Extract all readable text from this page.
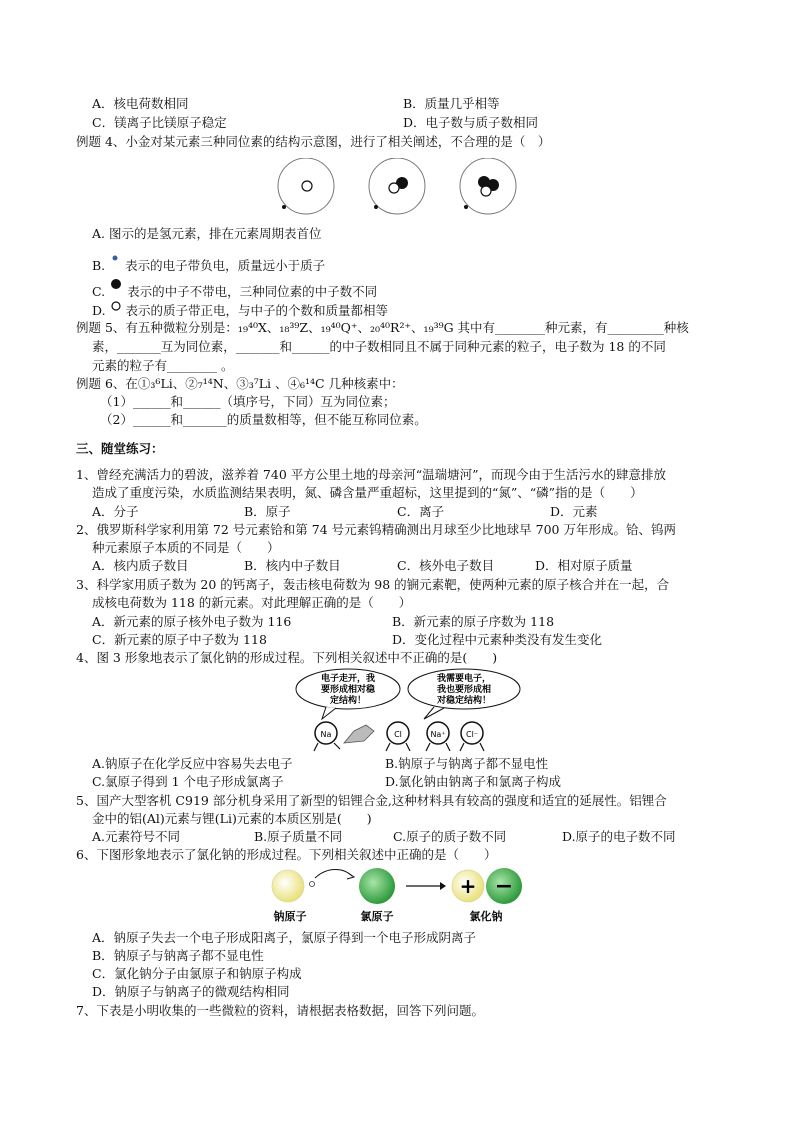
A．核电荷数相同	B．质量几乎相等
C．镁离子比镁原子稳定	D．电子数与质子数相同
例题 4、小金对某元素三种同位素的结构示意图，进行了相关阐述，不合理的是（　）
A. 图示的是氢元素，排在元素周期表首位
B. 表示的电子带负电，质量远小于质子
C. 表示的中子不带电，三种同位素的中子数不同
D. 表示的质子带正电，与中子的个数和质量都相等
例题 5、有五种微粒分别是：₁₉⁴⁰X、₁₈³⁹Z、₁₉⁴⁰Q⁺、₂₀⁴⁰R²⁺、₁₉³⁹G 其中有________种元素，有_________种核
素，_______互为同位素，_______和______的中子数相同且不属于同种元素的粒子，电子数为 18 的不同
元素的粒子有________ 。
例题 6、在①₃⁶Li、②₇¹⁴N、③₃⁷Li 、④₆¹⁴C 几种核素中：
（1）______和______（填序号，下同）互为同位素；
（2）______和_______的质量数相等，但不能互称同位素。
三、随堂练习：
1、曾经充满活力的碧波，滋养着 740 平方公里土地的母亲河“温瑞塘河”，而现今由于生活污水的肆意排放
造成了重度污染，水质监测结果表明，氮、磷含量严重超标，这里提到的“氮”、“磷”指的是（　　）
A．分子	B．原子	C．离子	D．元素
2、俄罗斯科学家利用第 72 号元素铪和第 74 号元素钨精确测出月球至少比地球早 700 万年形成。铪、钨两
种元素原子本质的不同是（　　）
A．核内质子数目	B．核内中子数目	C．核外电子数目	D．相对原子质量
3、科学家用质子数为 20 的钙离子，轰击核电荷数为 98 的锎元素靶，使两种元素的原子核合并在一起，合
成核电荷数为 118 的新元素。对此理解正确的是（　　）
A．新元素的原子核外电子数为 116	B．新元素的原子序数为 118
C．新元素的原子中子数为 118	D．变化过程中元素种类没有发生变化
4、图 3 形象地表示了氯化钠的形成过程。下列相关叙述中不正确的是(　　)
电子走开，我
要形成相对稳
定结构！
我需要电子，
我也要形成相
对稳定结构！
Na	Cl	Na⁺	Cl⁻
A.钠原子在化学反应中容易失去电子	B.钠原子与钠离子都不显电性
C.氯原子得到 1 个电子形成氯离子	D.氯化钠由钠离子和氯离子构成
5、国产大型客机 C919 部分机身采用了新型的铝锂合金,这种材料具有较高的强度和适宜的延展性。铝锂合
金中的铝(Al)元素与锂(Li)元素的本质区别是(　　)
A.元素符号不同	B.原子质量不同	C.原子的质子数不同	D.原子的电子数不同
6、下图形象地表示了氯化钠的形成过程。下列相关叙述中正确的是（　　）
+ −
钠原子	氯原子	氯化钠
A．钠原子失去一个电子形成阳离子，氯原子得到一个电子形成阴离子
B．钠原子与钠离子都不显电性
C．氯化钠分子由氯原子和钠原子构成
D．钠原子与钠离子的微观结构相同
7、下表是小明收集的一些微粒的资料，请根据表格数据，回答下列问题。
